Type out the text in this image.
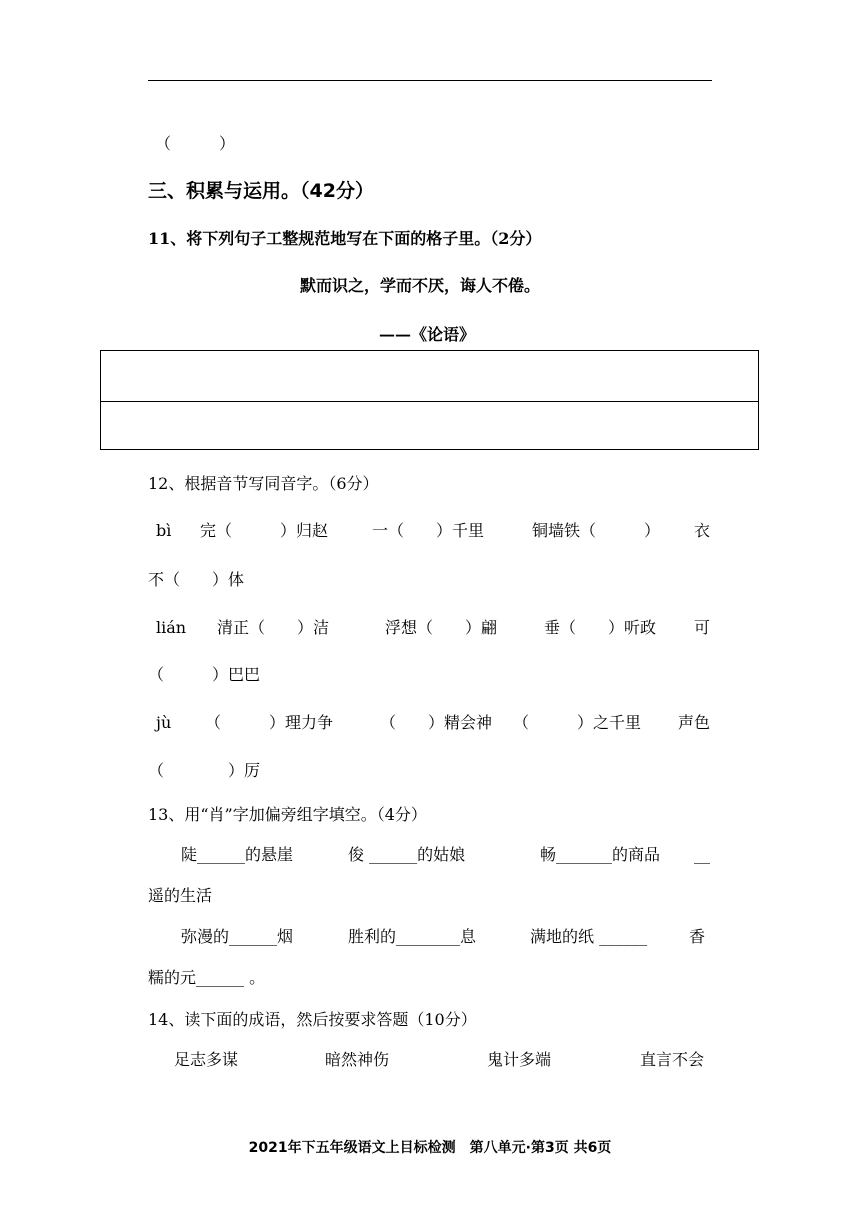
（　　　）
三、积累与运用。（42分）
11、将下列句子工整规范地写在下面的格子里。（2分）
默而识之，学而不厌，诲人不倦。
——《论语》
12、根据音节写同音字。（6分）
bì 完（　　　）归赵	一（　　）千里	铜墙铁（　　　） 衣
不（　　）体
lián 清正（　　）洁	浮想（　　）翩	垂（　　）听政 可
（　　　）巴巴
jù （　　　）理力争	（　　）精会神 （　　　）之千里 声色
（　　　　）厉
13、用“肖”字加偏旁组字填空。（4分）
陡______的悬崖	俊 ______的姑娘	畅_______的商品 __
遥的生活
弥漫的______烟	胜利的________息	满地的纸 ______	香
糯的元______ 。
14、读下面的成语，然后按要求答题（10分）
足志多谋	暗然神伤	鬼计多端	直言不会
2021年下五年级语文上目标检测　第八单元·第3页 共6页
